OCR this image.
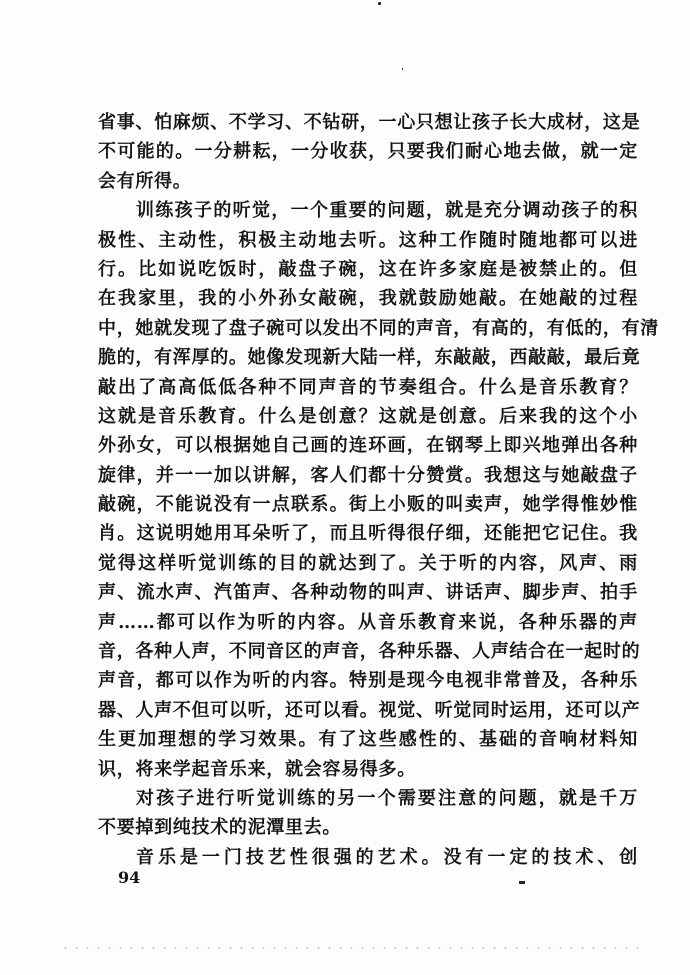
省事、怕麻烦、不学习、不钻研，一心只想让孩子长大成材，这是
不可能的。一分耕耘，一分收获，只要我们耐心地去做，就一定
会有所得。
训练孩子的听觉，一个重要的问题，就是充分调动孩子的积
极性、主动性，积极主动地去听。这种工作随时随地都可以进
行。比如说吃饭时，敲盘子碗，这在许多家庭是被禁止的。但
在我家里，我的小外孙女敲碗，我就鼓励她敲。在她敲的过程
中，她就发现了盘子碗可以发出不同的声音，有高的，有低的，有清
脆的，有浑厚的。她像发现新大陆一样，东敲敲，西敲敲，最后竟
敲出了高高低低各种不同声音的节奏组合。什么是音乐教育？
这就是音乐教育。什么是创意？这就是创意。后来我的这个小
外孙女，可以根据她自己画的连环画，在钢琴上即兴地弹出各种
旋律，并一一加以讲解，客人们都十分赞赏。我想这与她敲盘子
敲碗，不能说没有一点联系。街上小贩的叫卖声，她学得惟妙惟
肖。这说明她用耳朵听了，而且听得很仔细，还能把它记住。我
觉得这样听觉训练的目的就达到了。关于听的内容，风声、雨
声、流水声、汽笛声、各种动物的叫声、讲话声、脚步声、拍手
声……都可以作为听的内容。从音乐教育来说，各种乐器的声
音，各种人声，不同音区的声音，各种乐器、人声结合在一起时的
声音，都可以作为听的内容。特别是现今电视非常普及，各种乐
器、人声不但可以听，还可以看。视觉、听觉同时运用，还可以产
生更加理想的学习效果。有了这些感性的、基础的音响材料知
识，将来学起音乐来，就会容易得多。
对孩子进行听觉训练的另一个需要注意的问题，就是千万
不要掉到纯技术的泥潭里去。
音乐是一门技艺性很强的艺术。没有一定的技术、创
94
